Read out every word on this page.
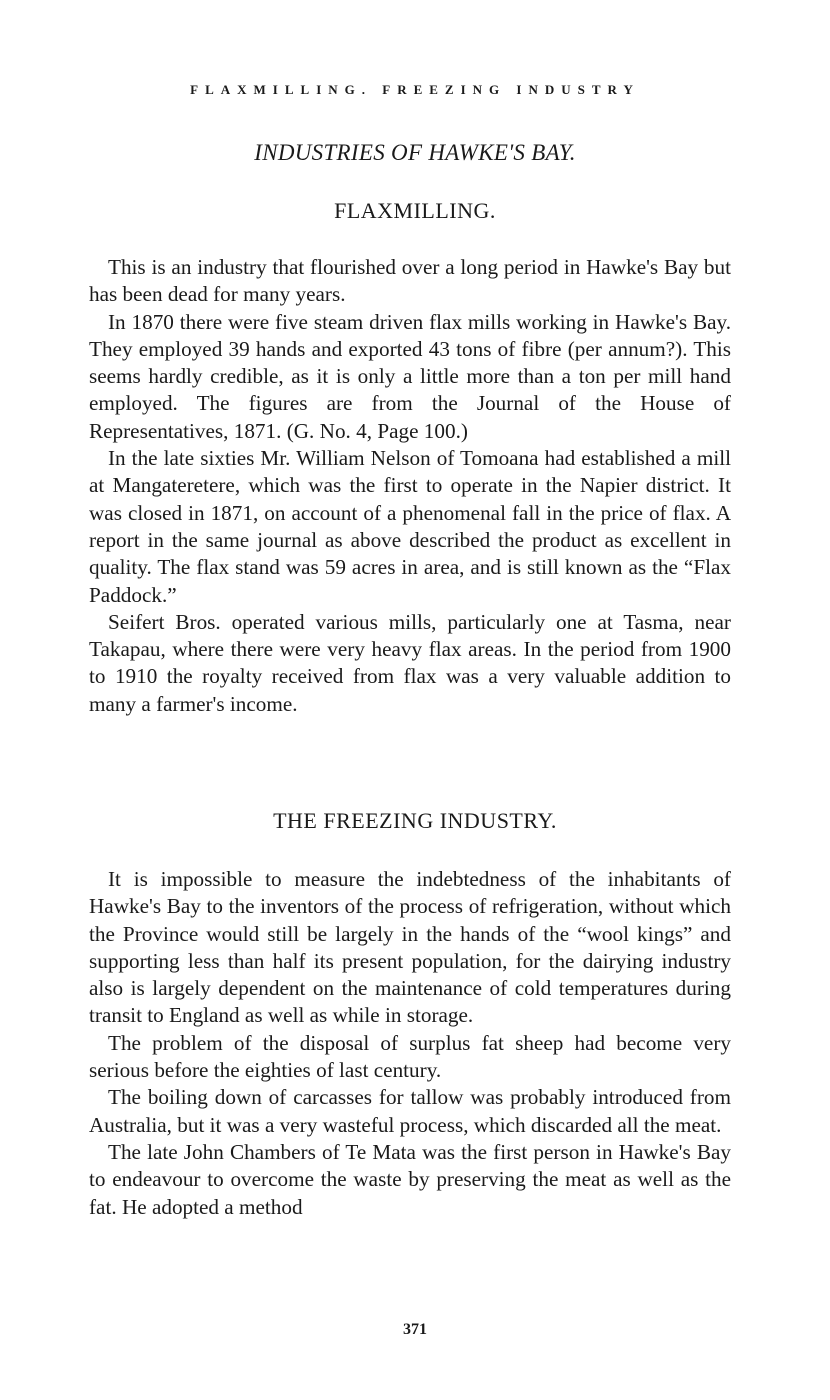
FLAXMILLING. FREEZING INDUSTRY
INDUSTRIES OF HAWKE'S BAY.
FLAXMILLING.

This is an industry that flourished over a long period in Hawke's Bay but has been dead for many years.

In 1870 there were five steam driven flax mills working in Hawke's Bay. They employed 39 hands and exported 43 tons of fibre (per annum?). This seems hardly credible, as it is only a little more than a ton per mill hand employed. The figures are from the Journal of the House of Representatives, 1871. (G. No. 4, Page 100.)

In the late sixties Mr. William Nelson of Tomoana had established a mill at Mangateretere, which was the first to operate in the Napier district. It was closed in 1871, on account of a phenomenal fall in the price of flax. A report in the same journal as above described the product as excellent in quality. The flax stand was 59 acres in area, and is still known as the “Flax Paddock.”

Seifert Bros. operated various mills, particularly one at Tasma, near Takapau, where there were very heavy flax areas. In the period from 1900 to 1910 the royalty received from flax was a very valuable addition to many a farmer's income.

THE FREEZING INDUSTRY.

It is impossible to measure the indebtedness of the inhabitants of Hawke's Bay to the inventors of the process of refrigeration, without which the Province would still be largely in the hands of the “wool kings” and supporting less than half its present population, for the dairying industry also is largely dependent on the maintenance of cold temperatures during transit to England as well as while in storage.

The problem of the disposal of surplus fat sheep had become very serious before the eighties of last century.

The boiling down of carcasses for tallow was probably introduced from Australia, but it was a very wasteful process, which discarded all the meat.

The late John Chambers of Te Mata was the first person in Hawke's Bay to endeavour to overcome the waste by preserving the meat as well as the fat. He adopted a method

371
